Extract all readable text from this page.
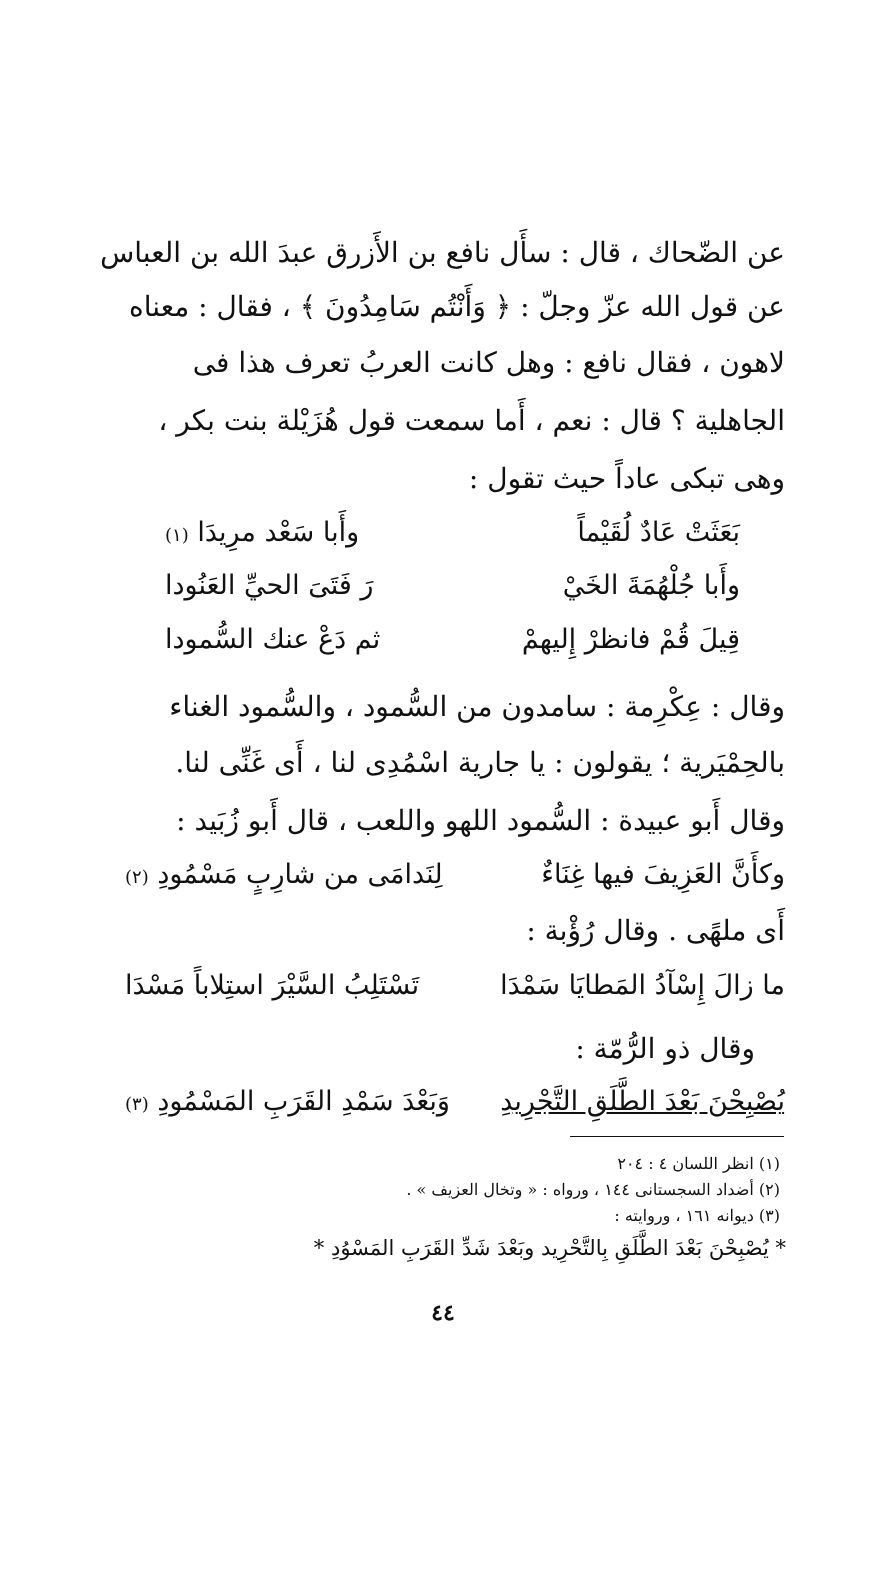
عن الضّحاك ، قال : سأَل نافع بن الأَزرق عبدَ الله بن العباس

عن قول الله عزّ وجلّ : ﴿ وَأَنْتُم سَامِدُونَ ﴾ ، فقال : معناه

لاهون ، فقال نافع : وهل كانت العربُ تعرف هذا فى

الجاهلية ؟ قال : نعم ، أَما سمعت قول هُزَيْلة بنت بكر ،

وهى تبكى عاداً حيث تقول :

بَعَثَتْ عَادٌ لُقَيْماً
وأَبا سَعْد مرِيدَا (١)
وأَبا جُلْهُمَةَ الخَيْ
رَ فَتَىَ الحيِّ العَنُودا
قِيلَ قُمْ فانظرْ إِليهمْ
ثم دَعْ عنك السُّمودا

وقال : عِكْرِمة : سامدون من السُّمود ، والسُّمود الغناء

بالحِمْيَرية ؛ يقولون : يا جارية اسْمُدِى لنا ، أَى غَنِّى لنا.

وقال أَبو عبيدة : السُّمود اللهو واللعب ، قال أَبو زُبَيد :

وكأَنَّ العَزِيفَ فيها غِنَاءٌ
لِنَدامَى من شارِبٍ مَسْمُودِ (٢)

أَى ملهًى . وقال رُؤْبة :

ما زالَ إِسْآدُ المَطايَا سَمْدَا
تَسْتَلِبُ السَّيْرَ استِلاباً مَسْدَا

وقال ذو الرُّمّة :

يُصْبِحْنَ بَعْدَ الطَّلَقِ التَّجْرِيدِ
وَبَعْدَ سَمْدِ القَرَبِ المَسْمُودِ (٣)
(١) انظر اللسان ٤ : ٢٠٤
(٢) أضداد السجستانى ١٤٤ ، ورواه : « وتخال العزيف » .
(٣) ديوانه ١٦١ ، وروايته :
* يُصْبِحْنَ بَعْدَ الطَّلَقِ بِالتَّحْرِيد وبَعْدَ شَدِّ القَرَبِ المَسْوُدِ *
٤٤
